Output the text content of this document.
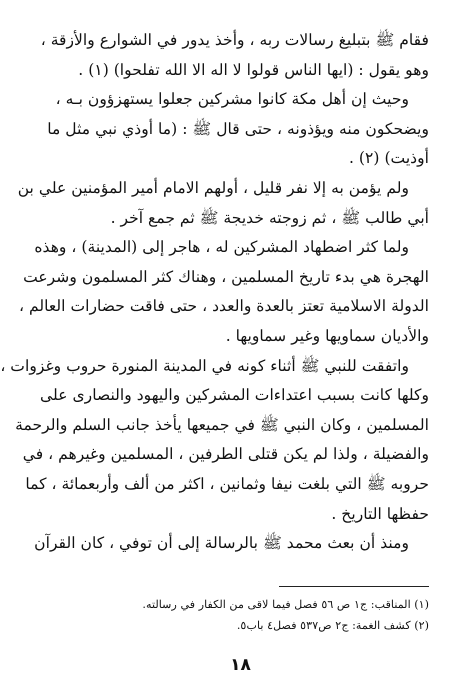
فقام ﷺ بتبليغ رسالات ربه ، وأخذ يدور في الشوارع والأزقة ،
وهو يقول : (ايها الناس قولوا لا اله الا الله تفلحوا) (١) .

وحيث إن أهل مكة كانوا مشركين جعلوا يستهزؤون بـه ،
ويضحكون منه ويؤذونه ، حتى قال ﷺ : (ما أوذي نبي مثل ما
أوذيت) (٢) .

ولم يؤمن به إلا نفر قليل ، أولهم الامام أمير المؤمنين علي بن
أبي طالب ﷺ ، ثم زوجته خديجة ﷺ ثم جمع آخر .

ولما كثر اضطهاد المشركين له ، هاجر إلى (المدينة) ، وهذه
الهجرة هي بدء تاريخ المسلمين ، وهناك كثر المسلمون وشرعت
الدولة الاسلامية تعتز بالعدة والعدد ، حتى فاقت حضارات العالم ،
والأديان سماويها وغير سماويها .

واتفقت للنبي ﷺ أثناء كونه في المدينة المنورة حروب وغزوات ،
وكلها كانت بسبب اعتداءات المشركين واليهود والنصارى على
المسلمين ، وكان النبي ﷺ في جميعها يأخذ جانب السلم والرحمة
والفضيلة ، ولذا لم يكن قتلى الطرفين ، المسلمين وغيرهم ، في
حروبه ﷺ التي بلغت نيفا وثمانين ، اكثر من ألف وأربعمائة ، كما
حفظها التاريخ .

ومنذ أن بعث محمد ﷺ بالرسالة إلى أن توفي ، كان القرآن

(١) المناقب: ج١ ص ٥٦ فصل فيما لاقى من الكفار في رسالته.
(٢) كشف الغمة: ج٢ ص٥٣٧ فصل٤ باب٥.
١٨
